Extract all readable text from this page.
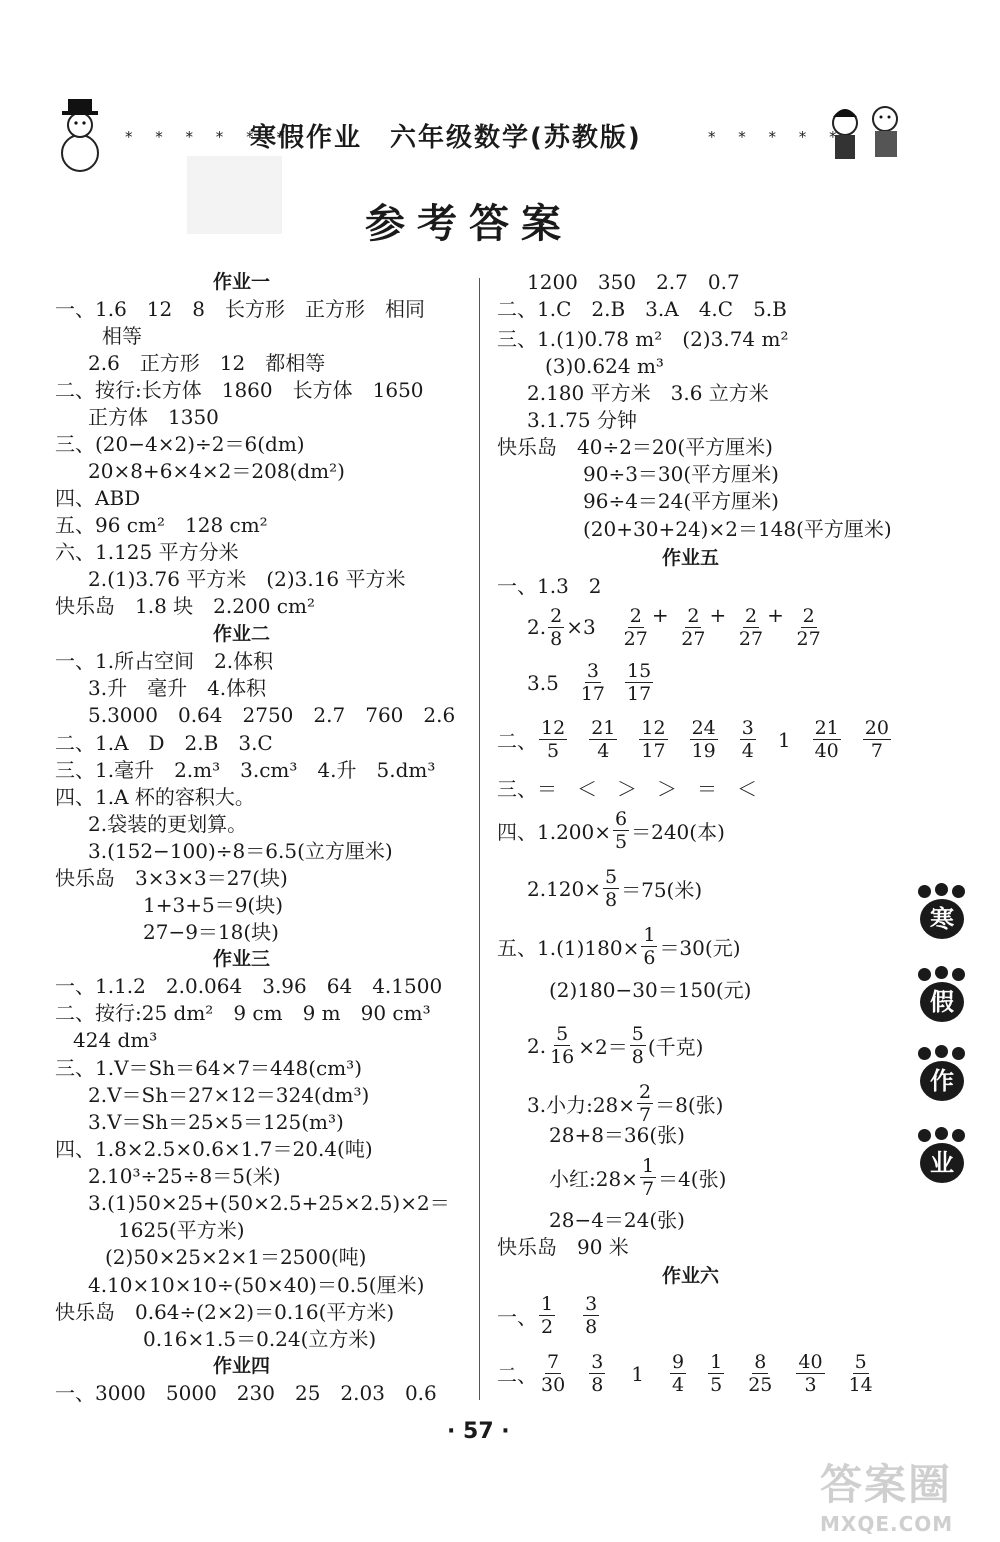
* * * * * *	* * * * *
寒假作业　六年级数学(苏教版)
参考答案
作业一
一、1.6　12　8　长方形　正方形　相同
相等
2.6　正方形　12　都相等
二、按行:长方体　1860　长方体　1650
正方体　1350
三、(20−4×2)÷2＝6(dm)
20×8+6×4×2＝208(dm²)
四、ABD
五、96 cm²　128 cm²
六、1.125 平方分米
2.(1)3.76 平方米　(2)3.16 平方米
快乐岛　1.8 块　2.200 cm²
作业二
一、1.所占空间　2.体积
3.升　毫升　4.体积
5.3000　0.64　2750　2.7　760　2.6
二、1.A　D　2.B　3.C
三、1.毫升　2.m³　3.cm³　4.升　5.dm³
四、1.A 杯的容积大。
2.袋装的更划算。
3.(152−100)÷8＝6.5(立方厘米)
快乐岛　3×3×3＝27(块)
1+3+5＝9(块)
27−9＝18(块)
作业三
一、1.1.2　2.0.064　3.96　64　4.1500
二、按行:25 dm²　9 cm　9 m　90 cm³
424 dm³
三、1.V＝Sh＝64×7＝448(cm³)
2.V＝Sh＝27×12＝324(dm³)
3.V＝Sh＝25×5＝125(m³)
四、1.8×2.5×0.6×1.7＝20.4(吨)
2.10³÷25÷8＝5(米)
3.(1)50×25+(50×2.5+25×2.5)×2＝
1625(平方米)
(2)50×25×2×1＝2500(吨)
4.10×10×10÷(50×40)＝0.5(厘米)
快乐岛　0.64÷(2×2)＝0.16(平方米)
0.16×1.5＝0.24(立方米)
作业四
一、3000　5000　230　25　2.03　0.6
1200　350　2.7　0.7
二、1.C　2.B　3.A　4.C　5.B
三、1.(1)0.78 m²　(2)3.74 m²
(3)0.624 m³
2.180 平方米　3.6 立方米
3.1.75 分钟
快乐岛　40÷2＝20(平方厘米)
90÷3＝30(平方厘米)
96÷4＝24(平方厘米)
(20+30+24)×2＝148(平方厘米)
作业五
一、1.3　2
2. $\frac{2}{8} \times 3 \frac{2}{27}$ +
$\frac{2}{27}$ +
$\frac{2}{27}$ +
$\frac{2}{27}$
$3.5 \frac{3}{17} \frac{15}{17}$
二、 $\frac{12}{5} \frac{21}{4} \frac{12}{17} \frac{24}{19} \frac{3}{4} 1 \frac{21}{40} \frac{20}{7}$
三、＝　＜　＞　＞　＝　＜
四、$1.200\times \frac{6}{5} =240$(本)
$2.120\times \frac{5}{8} =75$(米)
五、$1.(1)180\times \frac{1}{6} =30$(元)
(2)180−30＝150(元)
2. $\frac{5}{16} \times 2= \frac{5}{8}$ (千克)
3.小力:28× $\frac{2}{7} =8$(张)
28+8＝36(张)
小红:28× $\frac{1}{7} =4$(张)
28−4＝24(张)
快乐岛　90 米
作业六
一、 $\frac{1}{2} \frac{3}{8}$
二、 $\frac{7}{30} \frac{3}{8} 1 \frac{9}{4} \frac{1}{5} \frac{8}{25} \frac{40}{3} \frac{5}{14}$
寒
假
作
业
· 57 ·
答案圈
MXQE.COM
